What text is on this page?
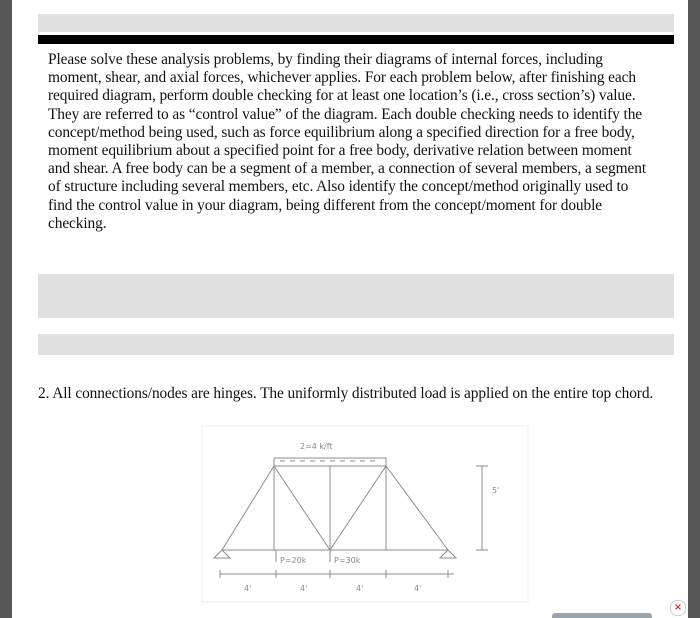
Please solve these analysis problems, by finding their diagrams of internal forces, including moment, shear, and axial forces, whichever applies. For each problem below, after finishing each required diagram, perform double checking for at least one location’s (i.e., cross section’s) value. They are referred to as “control value” of the diagram. Each double checking needs to identify the concept/method being used, such as force equilibrium along a specified direction for a free body, moment equilibrium about a specified point for a free body, derivative relation between moment and shear. A free body can be a segment of a member, a connection of several members, a segment of structure including several members, etc. Also identify the concept/method originally used to find the control value in your diagram, being different from the concept/moment for double checking.

2. All connections/nodes are hinges. The uniformly distributed load is applied on the entire top chord.

2=4 k/ft
5'
P=20k	P=30k
4'	4'	4'	4'
×
